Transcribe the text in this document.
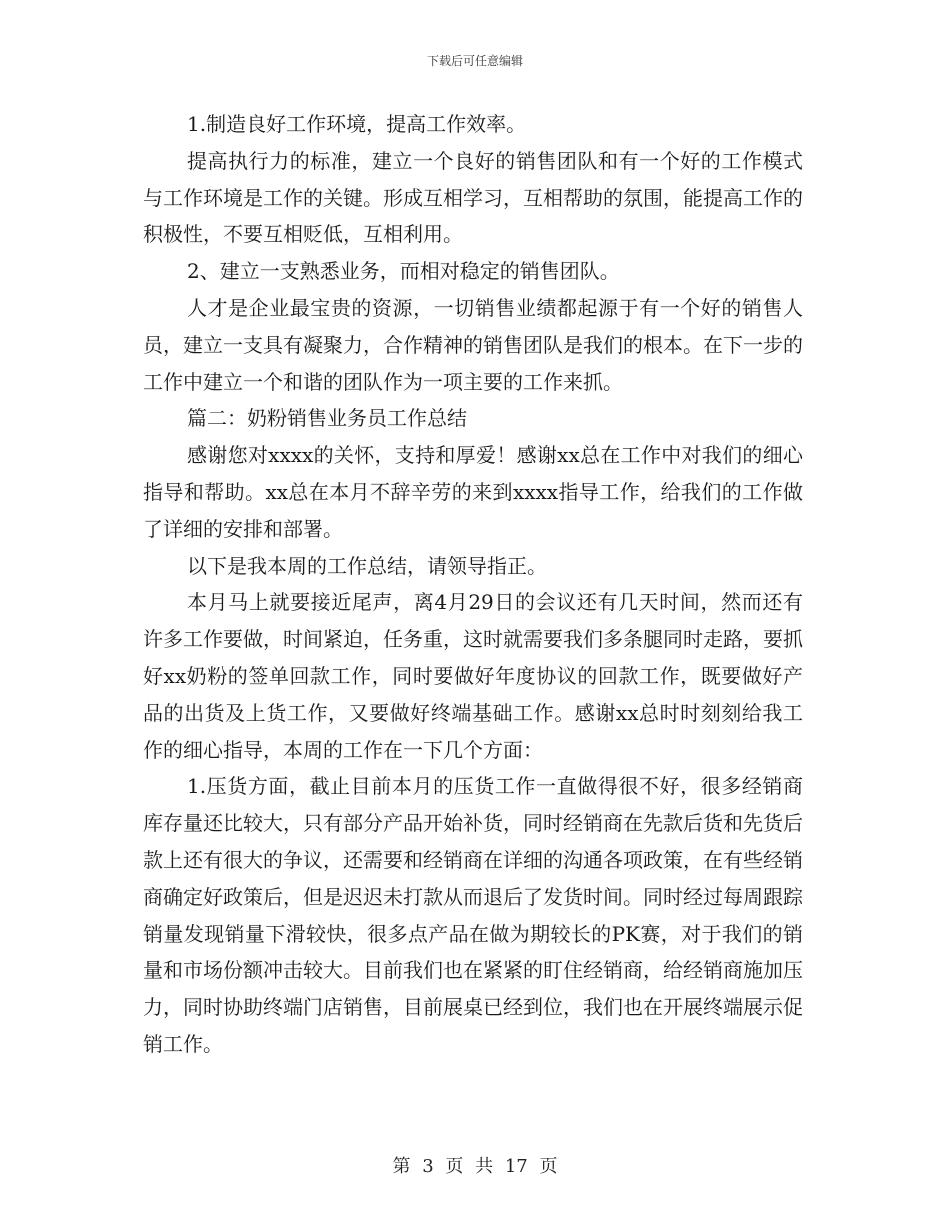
下载后可任意编辑

1.制造良好工作环境，提高工作效率。

提高执行力的标准，建立一个良好的销售团队和有一个好的工作模式与工作环境是工作的关键。形成互相学习，互相帮助的氛围，能提高工作的积极性，不要互相贬低，互相利用。

2、建立一支熟悉业务，而相对稳定的销售团队。

人才是企业最宝贵的资源，一切销售业绩都起源于有一个好的销售人员，建立一支具有凝聚力，合作精神的销售团队是我们的根本。在下一步的工作中建立一个和谐的团队作为一项主要的工作来抓。

篇二：奶粉销售业务员工作总结

感谢您对xxxx的关怀，支持和厚爱！感谢xx总在工作中对我们的细心指导和帮助。xx总在本月不辞辛劳的来到xxxx指导工作，给我们的工作做了详细的安排和部署。

以下是我本周的工作总结，请领导指正。

本月马上就要接近尾声，离4月29日的会议还有几天时间，然而还有许多工作要做，时间紧迫，任务重，这时就需要我们多条腿同时走路，要抓好xx奶粉的签单回款工作，同时要做好年度协议的回款工作，既要做好产品的出货及上货工作，又要做好终端基础工作。感谢xx总时时刻刻给我工作的细心指导，本周的工作在一下几个方面：

1.压货方面，截止目前本月的压货工作一直做得很不好，很多经销商库存量还比较大，只有部分产品开始补货，同时经销商在先款后货和先货后款上还有很大的争议，还需要和经销商在详细的沟通各项政策，在有些经销商确定好政策后，但是迟迟未打款从而退后了发货时间。同时经过每周跟踪销量发现销量下滑较快，很多点产品在做为期较长的PK赛，对于我们的销量和市场份额冲击较大。目前我们也在紧紧的盯住经销商，给经销商施加压力，同时协助终端门店销售，目前展桌已经到位，我们也在开展终端展示促销工作。

第 3 页 共 17 页
